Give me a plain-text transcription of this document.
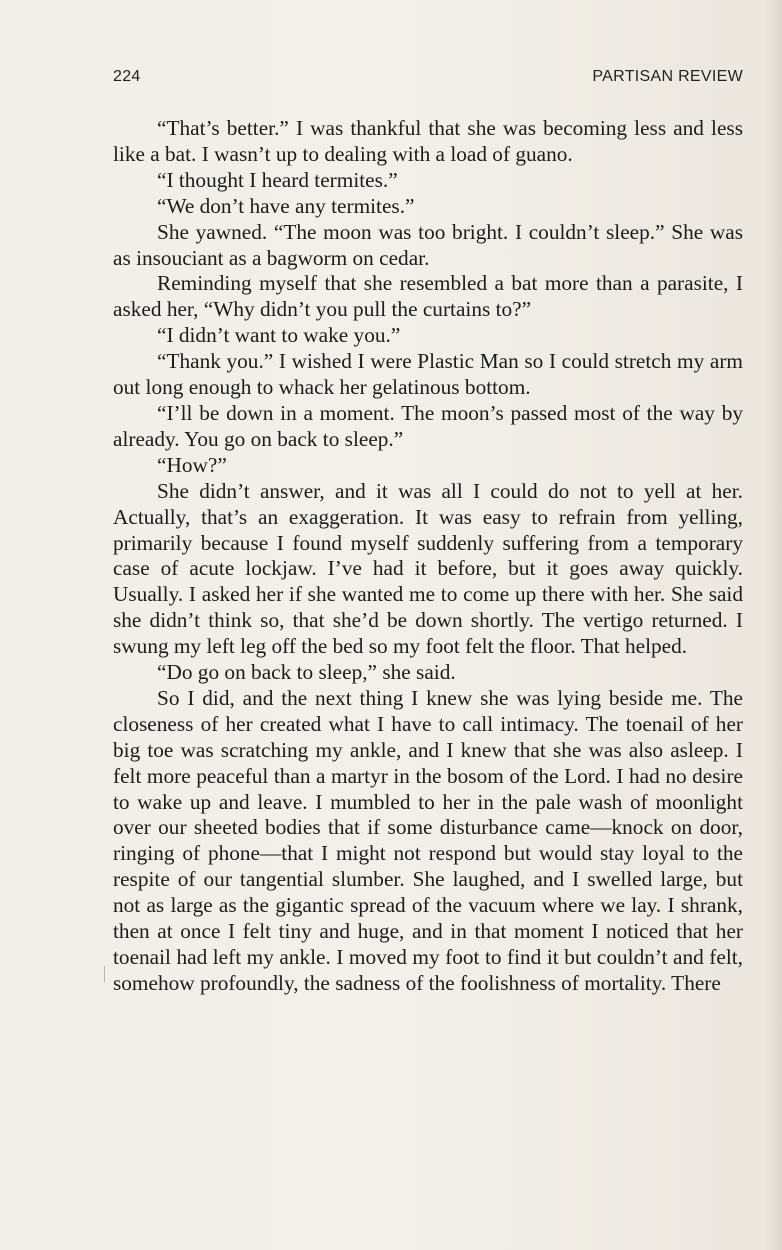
224	PARTISAN REVIEW

“That’s better.” I was thankful that she was becoming less and less like a bat. I wasn’t up to dealing with a load of guano.

“I thought I heard termites.”

“We don’t have any termites.”

She yawned. “The moon was too bright. I couldn’t sleep.” She was as insouciant as a bagworm on cedar.

Reminding myself that she resembled a bat more than a parasite, I asked her, “Why didn’t you pull the curtains to?”

“I didn’t want to wake you.”

“Thank you.” I wished I were Plastic Man so I could stretch my arm out long enough to whack her gelatinous bottom.

“I’ll be down in a moment. The moon’s passed most of the way by already. You go on back to sleep.”

“How?”

She didn’t answer, and it was all I could do not to yell at her. Actually, that’s an exaggeration. It was easy to refrain from yelling, primarily because I found myself suddenly suffering from a temporary case of acute lockjaw. I’ve had it before, but it goes away quickly. Usually. I asked her if she wanted me to come up there with her. She said she didn’t think so, that she’d be down shortly. The vertigo returned. I swung my left leg off the bed so my foot felt the floor. That helped.

“Do go on back to sleep,” she said.

So I did, and the next thing I knew she was lying beside me. The closeness of her created what I have to call intimacy. The toenail of her big toe was scratching my ankle, and I knew that she was also asleep. I felt more peaceful than a martyr in the bosom of the Lord. I had no desire to wake up and leave. I mumbled to her in the pale wash of moonlight over our sheeted bodies that if some disturbance came—knock on door, ringing of phone—that I might not respond but would stay loyal to the respite of our tangential slumber. She laughed, and I swelled large, but not as large as the gigantic spread of the vacuum where we lay. I shrank, then at once I felt tiny and huge, and in that moment I noticed that her toenail had left my ankle. I moved my foot to find it but couldn’t and felt, somehow profoundly, the sadness of the foolishness of mortality. There
